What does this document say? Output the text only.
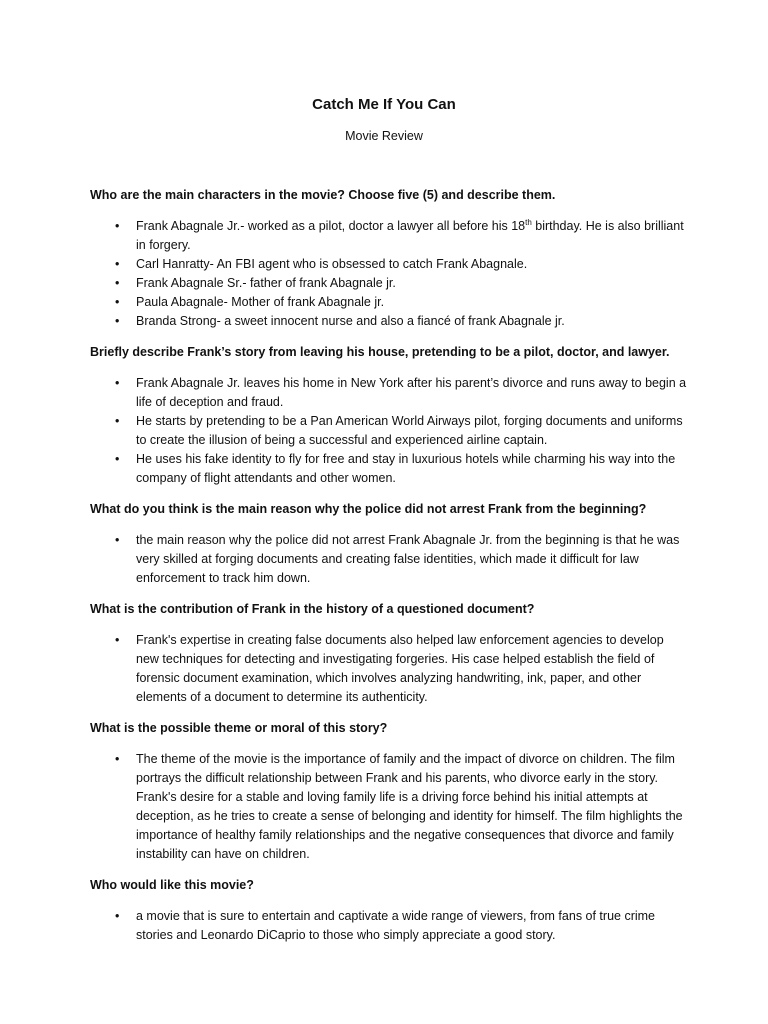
Catch Me If You Can
Movie Review

Who are the main characters in the movie? Choose five (5) and describe them.

• Frank Abagnale Jr.- worked as a pilot, doctor a lawyer all before his 18th birthday. He is also brilliant in forgery.
• Carl Hanratty- An FBI agent who is obsessed to catch Frank Abagnale.
• Frank Abagnale Sr.- father of frank Abagnale jr.
• Paula Abagnale- Mother of frank Abagnale jr.
• Branda Strong- a sweet innocent nurse and also a fiancé of frank Abagnale jr.

Briefly describe Frank’s story from leaving his house, pretending to be a pilot, doctor, and lawyer.

• Frank Abagnale Jr. leaves his home in New York after his parent’s divorce and runs away to begin a life of deception and fraud.
• He starts by pretending to be a Pan American World Airways pilot, forging documents and uniforms to create the illusion of being a successful and experienced airline captain.
• He uses his fake identity to fly for free and stay in luxurious hotels while charming his way into the company of flight attendants and other women.

What do you think is the main reason why the police did not arrest Frank from the beginning?

• the main reason why the police did not arrest Frank Abagnale Jr. from the beginning is that he was very skilled at forging documents and creating false identities, which made it difficult for law enforcement to track him down.

What is the contribution of Frank in the history of a questioned document?

• Frank's expertise in creating false documents also helped law enforcement agencies to develop new techniques for detecting and investigating forgeries. His case helped establish the field of forensic document examination, which involves analyzing handwriting, ink, paper, and other elements of a document to determine its authenticity.

What is the possible theme or moral of this story?

• The theme of the movie is the importance of family and the impact of divorce on children. The film portrays the difficult relationship between Frank and his parents, who divorce early in the story. Frank's desire for a stable and loving family life is a driving force behind his initial attempts at deception, as he tries to create a sense of belonging and identity for himself. The film highlights the importance of healthy family relationships and the negative consequences that divorce and family instability can have on children.

Who would like this movie?

• a movie that is sure to entertain and captivate a wide range of viewers, from fans of true crime stories and Leonardo DiCaprio to those who simply appreciate a good story.
